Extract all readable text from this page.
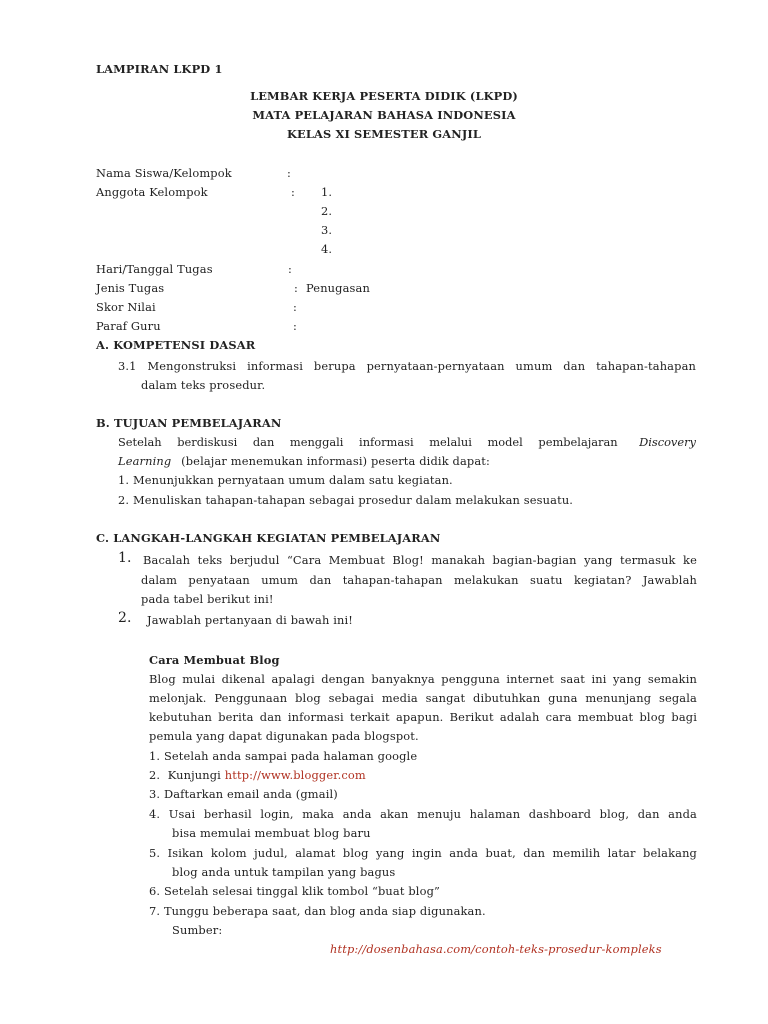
LAMPIRAN LKPD 1
LEMBAR KERJA PESERTA DIDIK (LKPD)
MATA PELAJARAN BAHASA INDONESIA
KELAS XI SEMESTER GANJIL
Nama Siswa/Kelompok	:
Anggota Kelompok	: 1.
2.
3.
4.
Hari/Tanggal Tugas	:
Jenis Tugas	: Penugasan
Skor Nilai	:
Paraf Guru	:
A. KOMPETENSI DASAR
3.1 Mengonstruksi informasi berupa pernyataan-pernyataan umum dan tahapan-tahapan
dalam teks prosedur.
B. TUJUAN PEMBELAJARAN
Setelah berdiskusi dan menggali informasi melalui model pembelajaran Discovery
Learning (belajar menemukan informasi) peserta didik dapat:
1. Menunjukkan pernyataan umum dalam satu kegiatan.
2. Menuliskan tahapan-tahapan sebagai prosedur dalam melakukan sesuatu.
C. LANGKAH-LANGKAH KEGIATAN PEMBELAJARAN
1. Bacalah teks berjudul “Cara Membuat Blog! manakah bagian-bagian yang termasuk ke
dalam penyataan umum dan tahapan-tahapan melakukan suatu kegiatan? Jawablah
pada tabel berikut ini!
2. Jawablah pertanyaan di bawah ini!
Cara Membuat Blog
Blog mulai dikenal apalagi dengan banyaknya pengguna internet saat ini yang semakin
melonjak. Penggunaan blog sebagai media sangat dibutuhkan guna menunjang segala
kebutuhan berita dan informasi terkait apapun. Berikut adalah cara membuat blog bagi
pemula yang dapat digunakan pada blogspot.
1. Setelah anda sampai pada halaman google
2.  Kunjungi http://www.blogger.com
3. Daftarkan email anda (gmail)
4. Usai berhasil login, maka anda akan menuju halaman dashboard blog, dan anda
bisa memulai membuat blog baru
5. Isikan kolom judul, alamat blog yang ingin anda buat, dan memilih latar belakang
blog anda untuk tampilan yang bagus
6. Setelah selesai tinggal klik tombol “buat blog”
7. Tunggu beberapa saat, dan blog anda siap digunakan.
Sumber:
http://dosenbahasa.com/contoh-teks-prosedur-kompleks
